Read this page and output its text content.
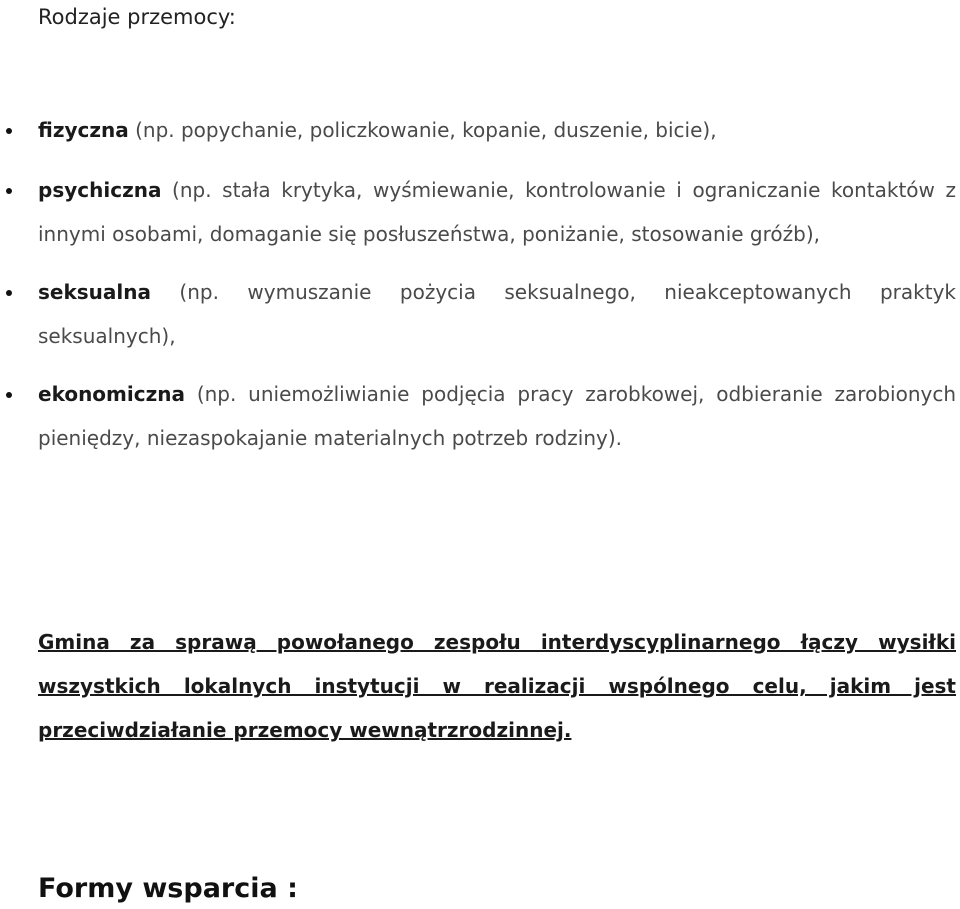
Rodzaje przemocy:
fizyczna (np. popychanie, policzkowanie, kopanie, duszenie, bicie),
psychiczna (np. stała krytyka, wyśmiewanie, kontrolowanie i ograniczanie kontaktów z innymi osobami, domaganie się posłuszeństwa, poniżanie, stosowanie gróźb),
seksualna (np. wymuszanie pożycia seksualnego, nieakceptowanych praktyk seksualnych),
ekonomiczna (np. uniemożliwianie podjęcia pracy zarobkowej, odbieranie zarobionych pieniędzy, niezaspokajanie materialnych potrzeb rodziny).

Gmina za sprawą powołanego zespołu interdyscyplinarnego łączy wysiłki wszystkich lokalnych instytucji w realizacji wspólnego celu, jakim jest przeciwdziałanie przemocy wewnątrzrodzinnej.

Formy wsparcia :
